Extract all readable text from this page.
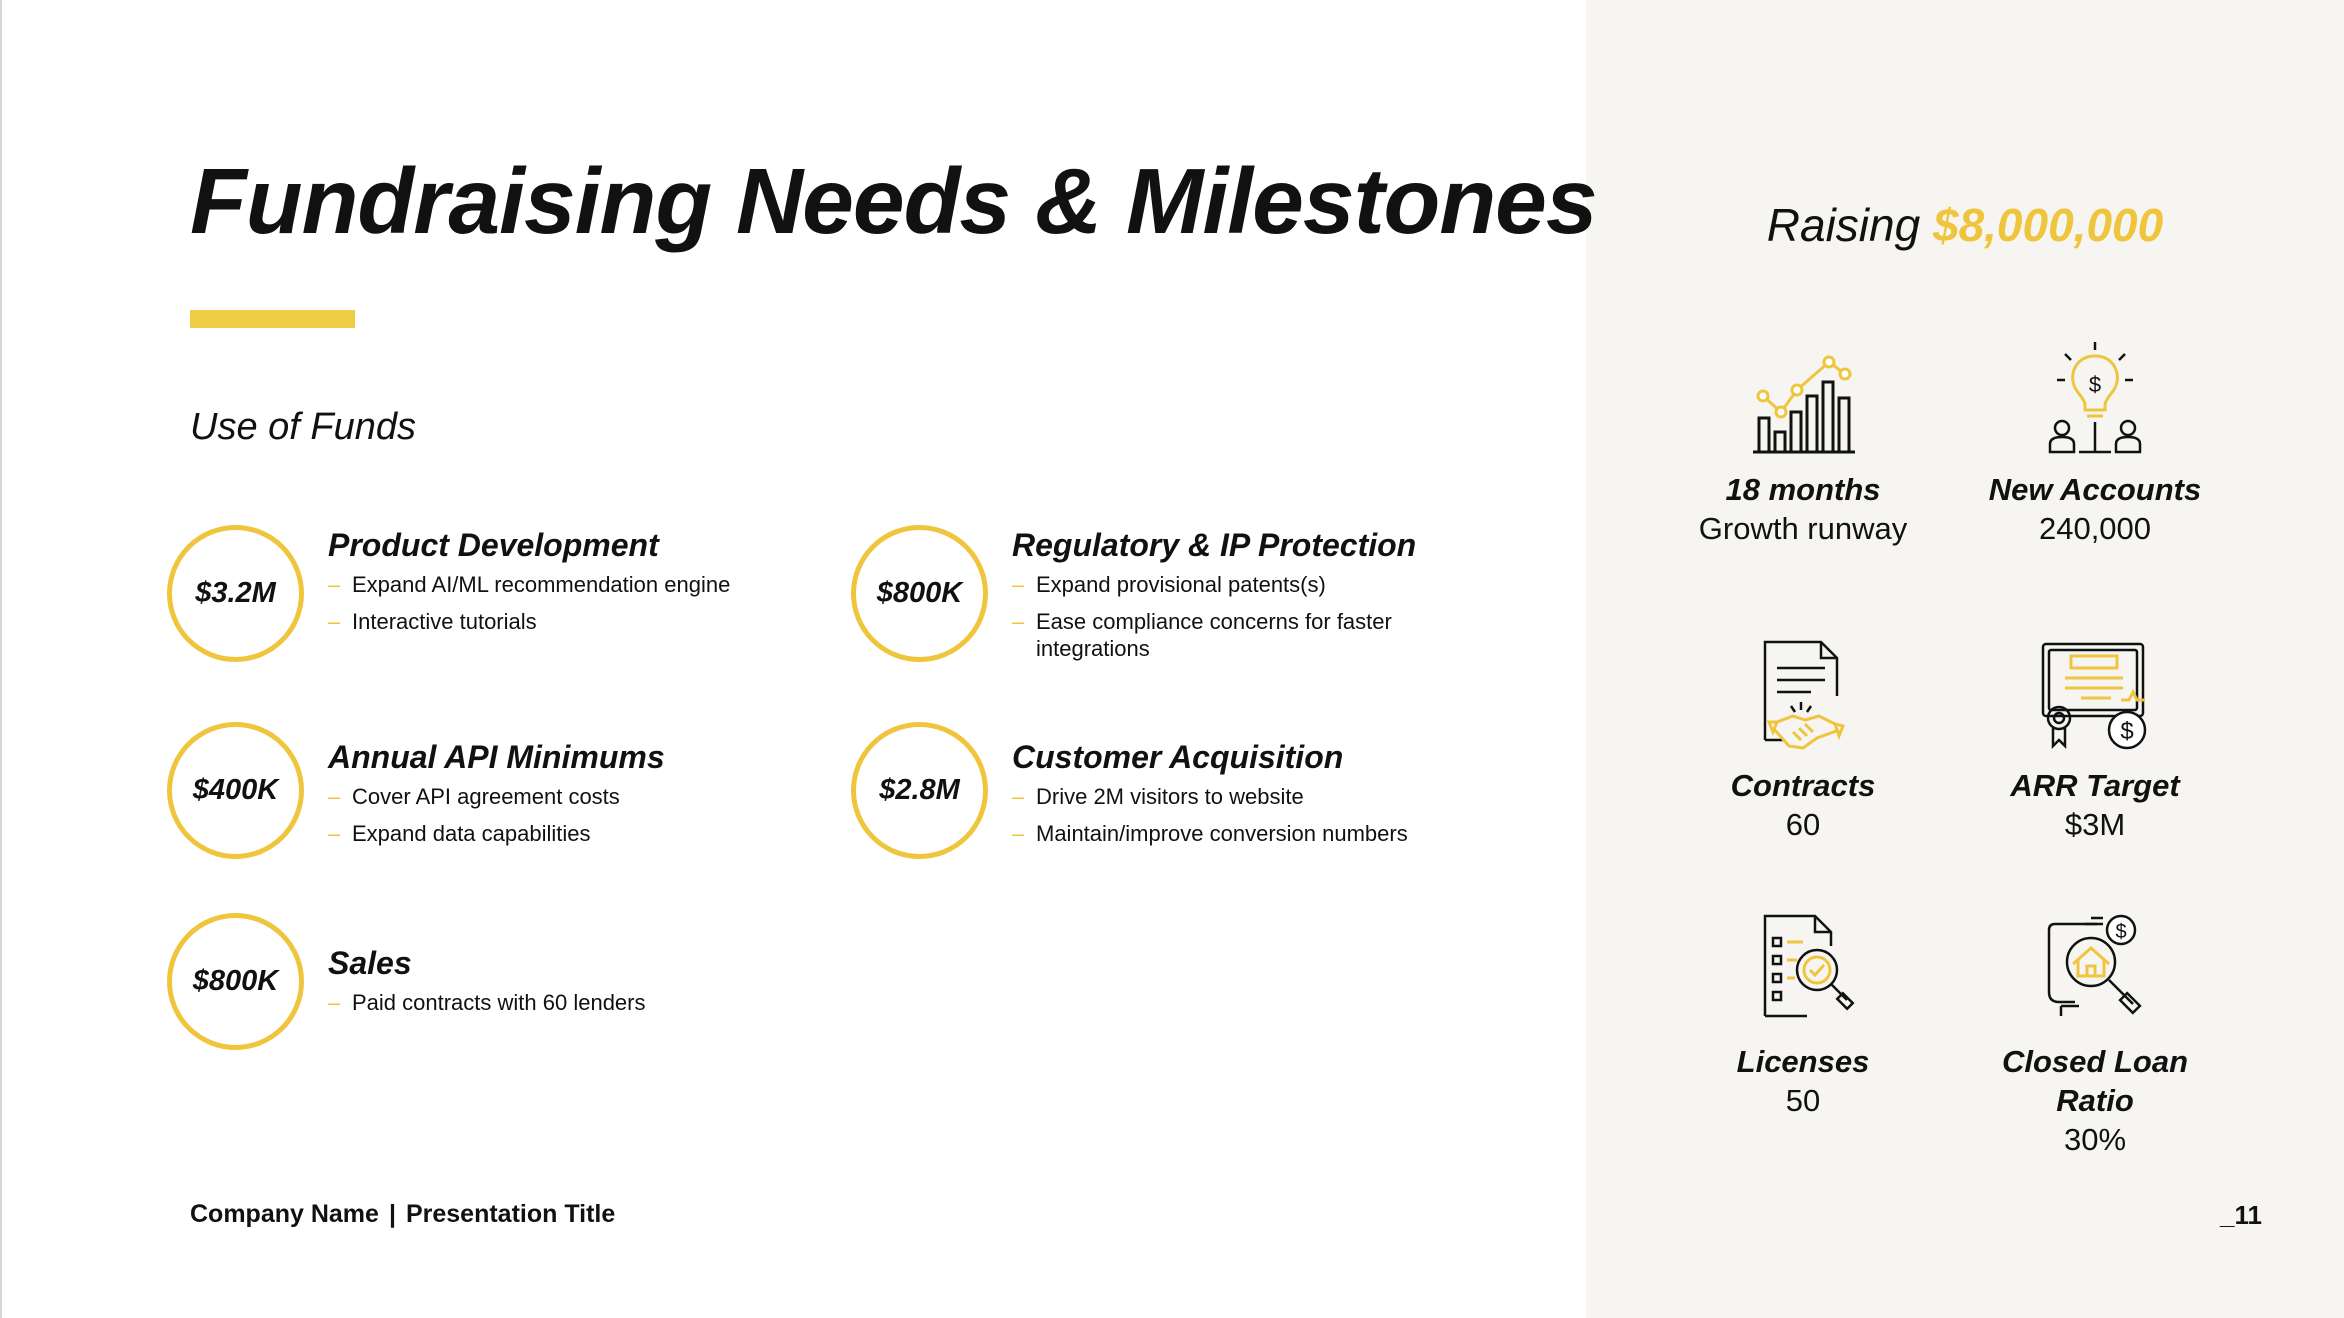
Fundraising Needs & Milestones
Use of Funds
$3.2M
Product Development
– Expand AI/ML recommendation engine
– Interactive tutorials
$800K
Regulatory & IP Protection
– Expand provisional patents(s)
– Ease compliance concerns for faster integrations
$400K
Annual API Minimums
– Cover API agreement costs
– Expand data capabilities
$2.8M
Customer Acquisition
– Drive 2M visitors to website
– Maintain/improve conversion numbers
$800K	Sales
– Paid contracts with 60 lenders
Company Name | Presentation Title	_11
Raising $8,000,000
18 months
Growth runway
$
New Accounts
240,000
Contracts
60
$
ARR Target
$3M
Licenses
50
$
Closed Loan Ratio
30%
